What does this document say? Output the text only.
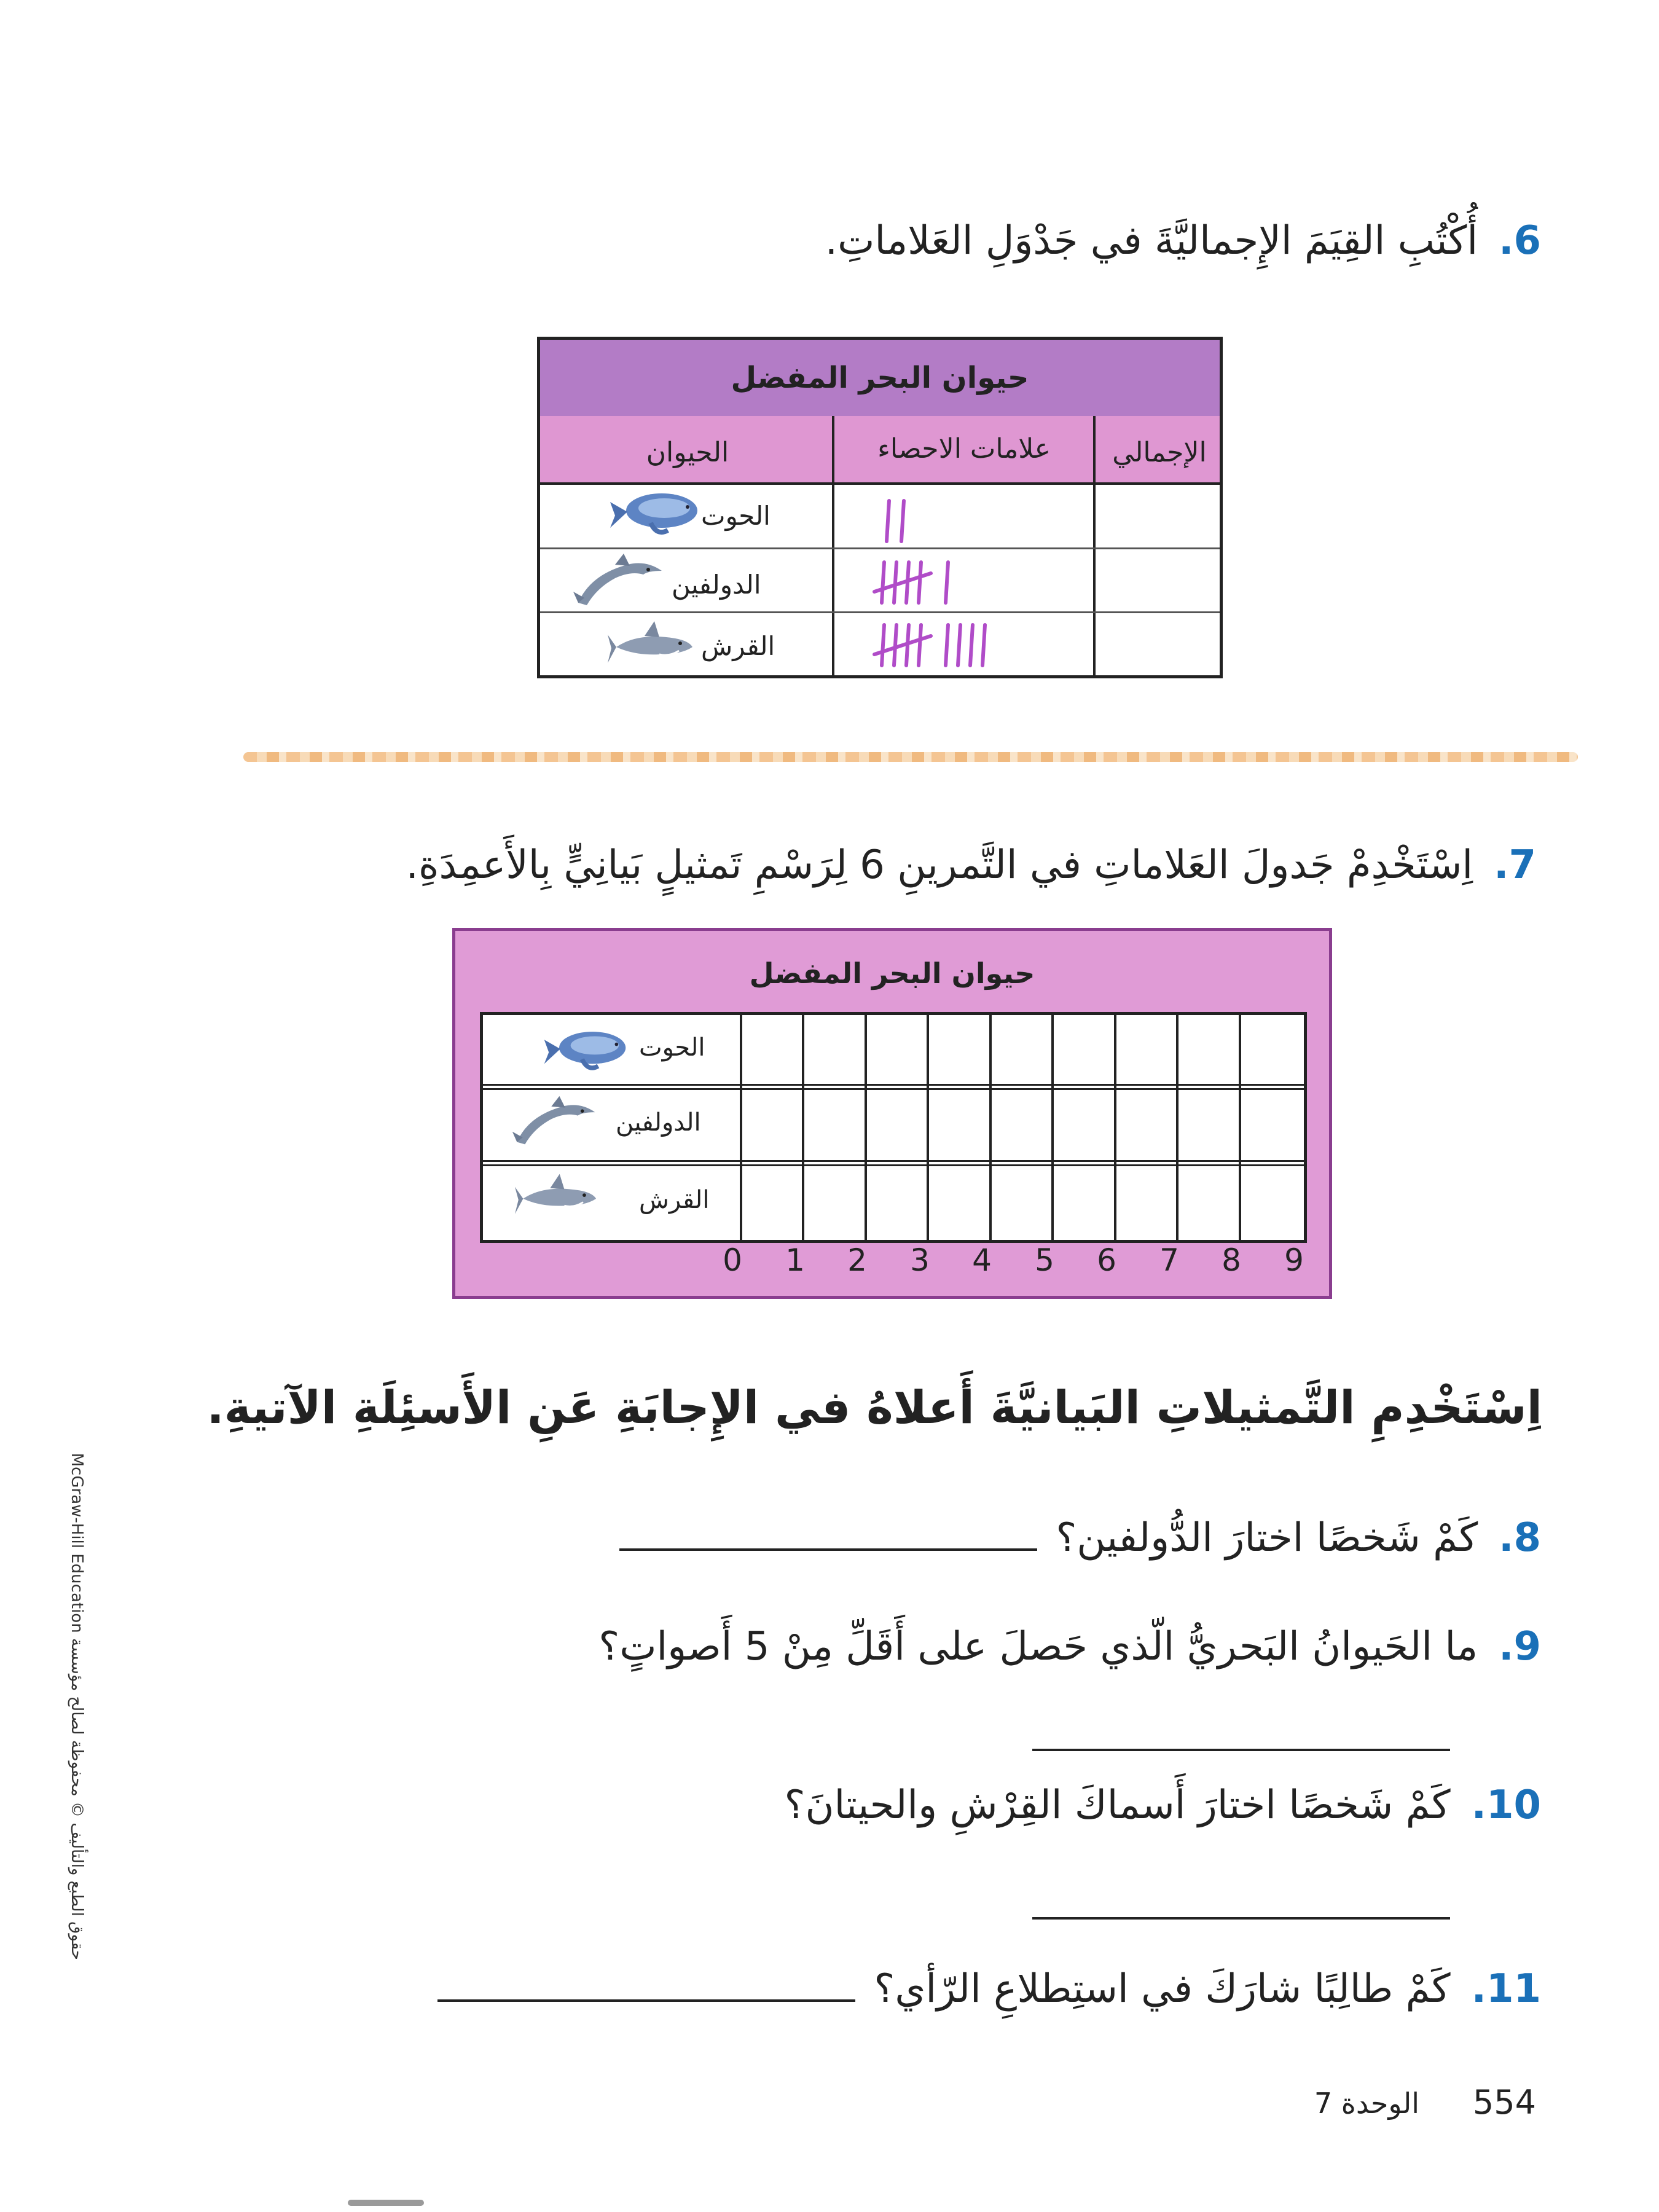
6.أُكْتُبِ القِيَمَ الإِجماليَّةَ في جَدْوَلِ العَلاماتِ.
حيوان البحر المفضل
الحيوان	علامات الاحصاء	الإجمالي
الحوت
الدولفين
القرش
7.اِسْتَخْدِمْ جَدولَ العَلاماتِ في التَّمرينِ 6 لِرَسْمِ تَمثيلٍ بَيانِيٍّ بِالأَعمِدَةِ.
حيوان البحر المفضل
الحوت
الدولفين
القرش
0 1 2 3 4 5 6 7 8 9
اِسْتَخْدِمِ التَّمثيلاتِ البَيانيَّةَ أَعلاهُ في الإِجابَةِ عَنِ الأَسئِلَةِ الآتيةِ.
8.كَمْ شَخصًا اختارَ الدُّولفين؟
9.ما الحَيوانُ البَحريُّ الّذي حَصلَ على أَقَلِّ مِنْ 5 أَصواتٍ؟
10.كَمْ شَخصًا اختارَ أَسماكَ القِرْشِ والحيتانَ؟
11.كَمْ طالِبًا شارَكَ في استِطلاعِ الرّأي؟
حقوق الطبع والتأليف © محفوظة لصالح مؤسسة McGraw-Hill Education
الوحدة 7 554
